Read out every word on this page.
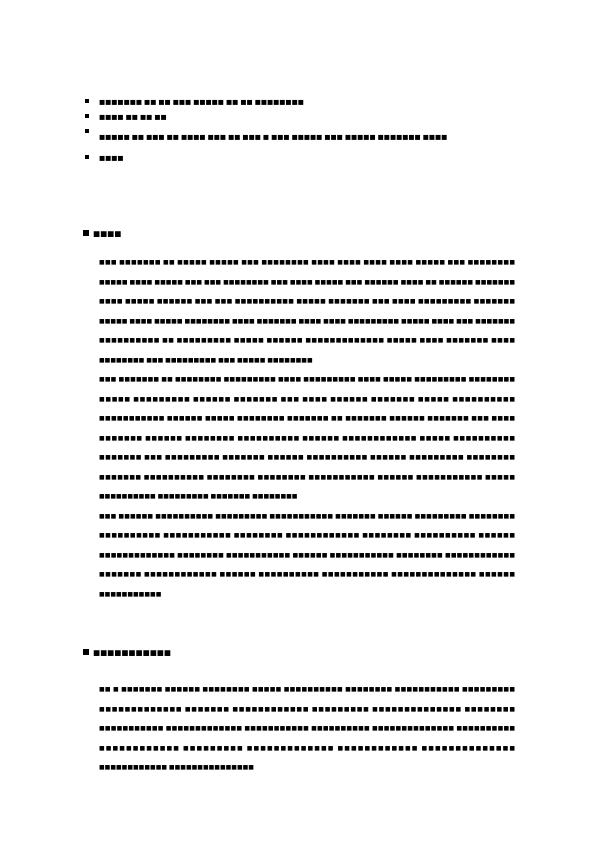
■■■■■■■ ■■ ■■ ■■■ ■■■■■ ■■ ■■ ■■■■■■■■
■■■■ ■■ ■■ ■■
■■■■■ ■■ ■■■ ■■ ■■■■ ■■■ ■■ ■■■ ■ ■■■ ■■■■■ ■■■ ■■■■■ ■■■■■■■ ■■■■
■■■■
■■■■

■■■ ■■■■■■■ ■■ ■■■■■ ■■■■■ ■■■ ■■■■■■■■ ■■■■ ■■■■ ■■■■ ■■■■ ■■■■■ ■■■ ■■■■■■■■ ■■■■■ ■■■■ ■■■■■ ■■■ ■■■ ■■■■■■■■ ■■■ ■■■■ ■■■■■ ■■■ ■■■■■■ ■■■■ ■■ ■■■■■■ ■■■■■■■ ■■■■ ■■■■■ ■■■■■■ ■■■ ■■■ ■■■■■■■■■■ ■■■■■ ■■■■■■■ ■■■ ■■■■ ■■■■■■■■■ ■■■■■■■ ■■■■■ ■■■■ ■■■■■ ■■■■■■■■ ■■■■ ■■■■■■■ ■■■■ ■■■■ ■■■■■■■■■ ■■■■■ ■■■■ ■■■ ■■■■■■■ ■■■■■■■■■■ ■■ ■■■■■■■■■ ■■■■■ ■■■■■■ ■■■■■■■■■■■■■ ■■■■■ ■■■■ ■■■■■■■ ■■■■ ■■■■■■■■ ■■■ ■■■■■■■■■ ■■■ ■■■■■ ■■■■■■■■

■■■ ■■■■■■■ ■■ ■■■■■■■■ ■■■■■■■■■ ■■■■ ■■■■■■■■■ ■■■■ ■■■■■ ■■■■■■■■■ ■■■■■■■■ ■■■■■ ■■■■■■■■■ ■■■■■■ ■■■■■■■ ■■■ ■■■■ ■■■■■■ ■■■■■■■ ■■■■■ ■■■■■■■■■■ ■■■■■■■■■■■ ■■■■■■ ■■■■■ ■■■■■■■■ ■■■■■■■ ■■ ■■■■■■■ ■■■■■■ ■■■■■■■ ■■■ ■■■■ ■■■■■■■ ■■■■■■ ■■■■■■■■ ■■■■■■■■■■ ■■■■■■ ■■■■■■■■■■■■ ■■■■■ ■■■■■■■■■■ ■■■■■■■ ■■■ ■■■■■■■■■ ■■■■■■■ ■■■■■■ ■■■■■■■■■■ ■■■■■■ ■■■■■■■■■ ■■■■■■■■ ■■■■■■■ ■■■■■■■■■■ ■■■■■■■■ ■■■■■■■■ ■■■■■■■■■■■ ■■■■■■ ■■■■■■■■■■■ ■■■■■ ■■■■■■■■■■ ■■■■■■■■■ ■■■■■■■ ■■■■■■■■

■■■ ■■■■■■ ■■■■■■■■■■ ■■■■■■■■■ ■■■■■■■■■■■ ■■■■■■■ ■■■■■■ ■■■■■■■■■ ■■■■■■■■ ■■■■■■■■■■ ■■■■■■■■■■■ ■■■■■■■■ ■■■■■■■■■■■■ ■■■■■■■■ ■■■■■■■■■■ ■■■■■■ ■■■■■■■■■■■■■ ■■■■■■■■ ■■■■■■■■■■■ ■■■■■■ ■■■■■■■■■■■ ■■■■■■■■ ■■■■■■■■■■■■ ■■■■■■■ ■■■■■■■■■■■■ ■■■■■■ ■■■■■■■■■■ ■■■■■■■■■■■ ■■■■■■■■■■■■■■ ■■■■■■ ■■■■■■■■■■■

■■■■■■■■■■■

■■ ■ ■■■■■■■ ■■■■■■ ■■■■■■■■ ■■■■■ ■■■■■■■■■■ ■■■■■■■■ ■■■■■■■■■■■ ■■■■■■■■■ ■■■■■■■■■■■■■ ■■■■■■■ ■■■■■■■■■■■■ ■■■■■■■■■ ■■■■■■■■■■■■■■ ■■■■■■■■ ■■■■■■■■■■■ ■■■■■■■■■■■■■ ■■■■■■■■■■■ ■■■■■■■■■■ ■■■■■■■■■■■■■■ ■■■■■■■■■■ ■■■■■■■■■■■■ ■■■■■■■■■ ■■■■■■■■■■■■■ ■■■■■■■■■■■■ ■■■■■■■■■■■■■■ ■■■■■■■■■■■■ ■■■■■■■■■■■■■■■
